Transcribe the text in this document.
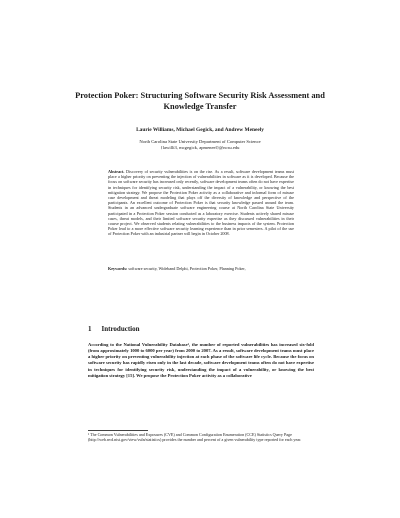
Protection Poker: Structuring Software Security Risk Assessment and Knowledge Transfer
Laurie Williams, Michael Gegick, and Andrew Meneely
North Carolina State University Department of Computer Science
{lawilli3, mcgegick, apmeneel}@ncsu.edu
Abstract. Discovery of security vulnerabilities is on the rise. As a result, software development teams must place a higher priority on preventing the injection of vulnerabilities in software as it is developed. Because the focus on software security has increased only recently, software development teams often do not have expertise in techniques for identifying security risk, understanding the impact of a vulnerability, or knowing the best mitigation strategy. We propose the Protection Poker activity as a collaborative and informal form of misuse case development and threat modeling that plays off the diversity of knowledge and perspective of the participants. An excellent outcome of Protection Poker is that security knowledge passed around the team. Students in an advanced undergraduate software engineering course at North Carolina State University participated in a Protection Poker session conducted as a laboratory exercise. Students actively shared misuse cases, threat models, and their limited software security expertise as they discussed vulnerabilities in their course project. We observed students relating vulnerabilities to the business impacts of the system. Protection Poker lead to a more effective software security learning experience than in prior semesters. A pilot of the use of Protection Poker with an industrial partner will begin in October 2008.
Keywords: software security, Wideband Delphi, Protection Poker, Planning Poker,
1 Introduction
According to the National Vulnerability Database¹, the number of reported vulnerabilities has increased six-fold (from approximately 1000 to 6000 per year) from 2000 to 2007. As a result, software development teams must place a higher priority on preventing vulnerability injection at each phase of the software life cycle. Because the focus on software security has rapidly risen only in the last decade, software development teams often do not have expertise in techniques for identifying security risk, understanding the impact of a vulnerability, or knowing the best mitigation strategy [15]. We propose the Protection Poker activity as a collaborative
¹ The Common Vulnerabilities and Exposures (CVE) and Common Configuration Enumeration (CCE) Statistics Query Page (http://web.nvd.nist.gov/view/vuln/statistics) provides the number and percent of a given vulnerability type reported for each year.
